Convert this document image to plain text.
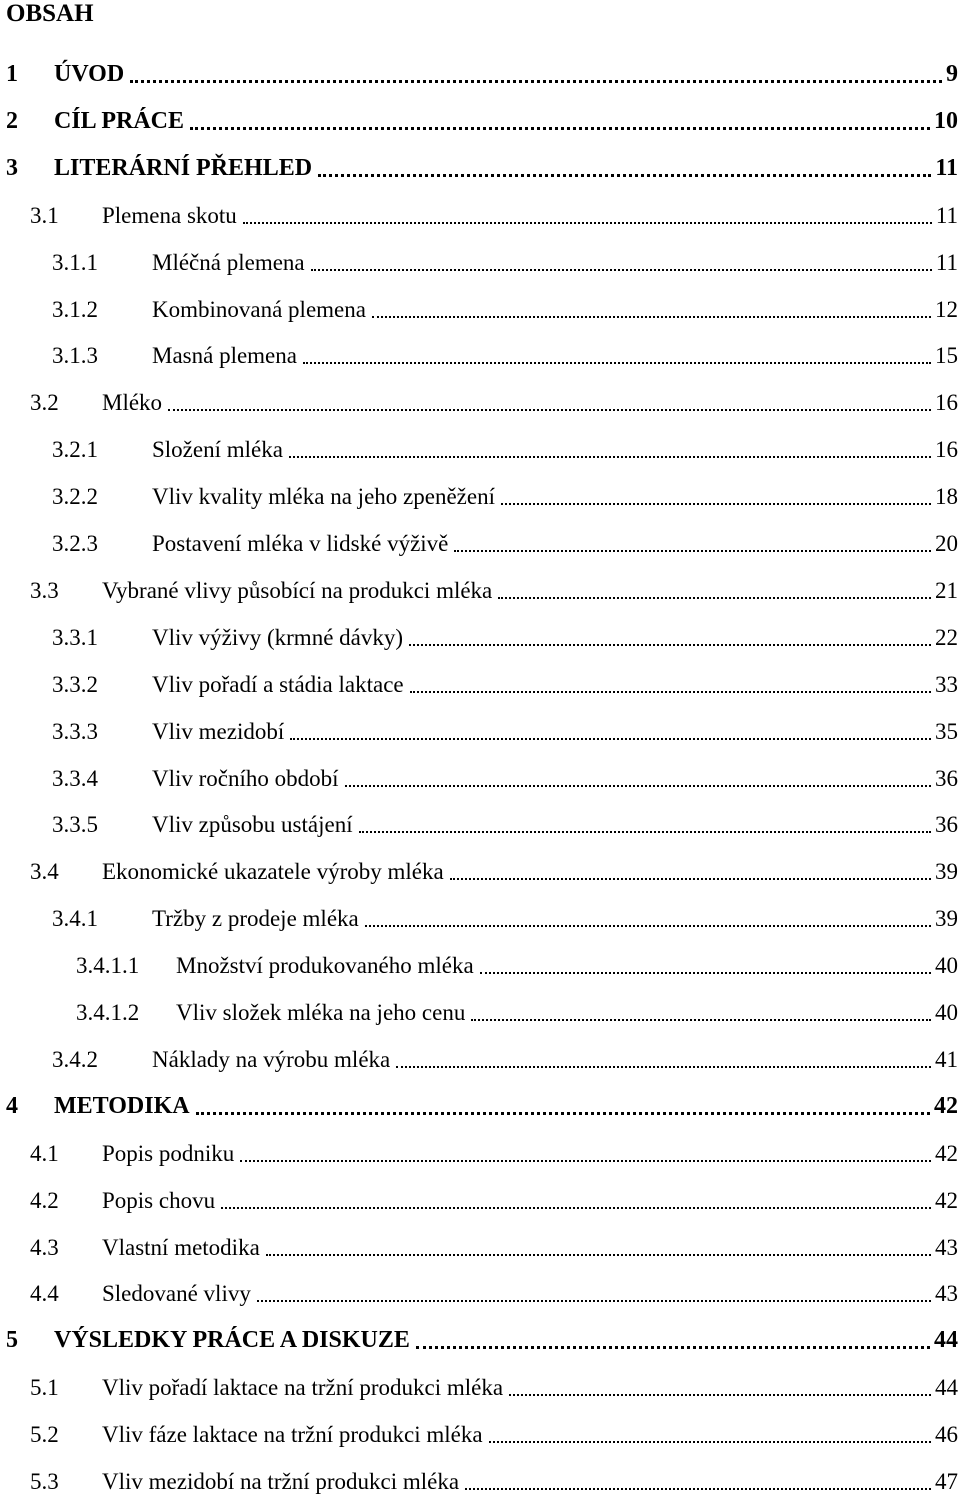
OBSAH
1 ÚVOD	9
2 CÍL PRÁCE	10
3 LITERÁRNÍ PŘEHLED	11
3.1 Plemena skotu	11
3.1.1 Mléčná plemena	11
3.1.2 Kombinovaná plemena	12
3.1.3 Masná plemena	15
3.2 Mléko	16
3.2.1 Složení mléka	16
3.2.2 Vliv kvality mléka na jeho zpeněžení	18
3.2.3 Postavení mléka v lidské výživě	20
3.3 Vybrané vlivy působící na produkci mléka	21
3.3.1 Vliv výživy (krmné dávky)	22
3.3.2 Vliv pořadí a stádia laktace	33
3.3.3 Vliv mezidobí	35
3.3.4 Vliv ročního období	36
3.3.5 Vliv způsobu ustájení	36
3.4 Ekonomické ukazatele výroby mléka	39
3.4.1 Tržby z prodeje mléka	39
3.4.1.1 Množství produkovaného mléka	40
3.4.1.2 Vliv složek mléka na jeho cenu	40
3.4.2 Náklady na výrobu mléka	41
4 METODIKA	42
4.1 Popis podniku	42
4.2 Popis chovu	42
4.3 Vlastní metodika	43
4.4 Sledované vlivy	43
5 VÝSLEDKY PRÁCE A DISKUZE	44
5.1 Vliv pořadí laktace na tržní produkci mléka	44
5.2 Vliv fáze laktace na tržní produkci mléka	46
5.3 Vliv mezidobí na tržní produkci mléka	47
